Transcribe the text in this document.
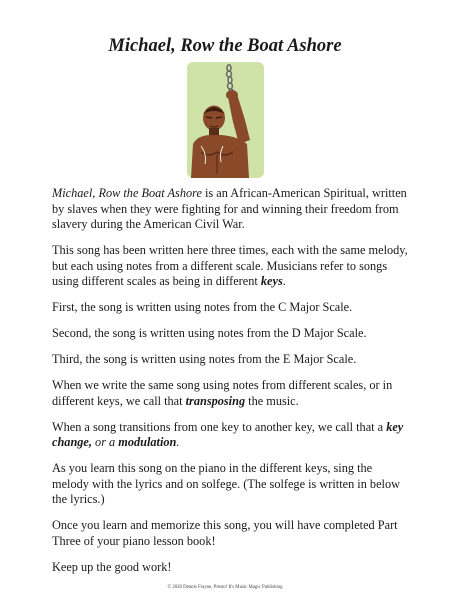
Michael, Row the Boat Ashore

Michael, Row the Boat Ashore is an African-American Spiritual, written by slaves when they were fighting for and winning their freedom from slavery during the American Civil War.

This song has been written here three times, each with the same melody, but each using notes from a different scale. Musicians refer to songs using different scales as being in different keys.

First, the song is written using notes from the C Major Scale.

Second, the song is written using notes from the D Major Scale.

Third, the song is written using notes from the E Major Scale.

When we write the same song using notes from different scales, or in different keys, we call that transposing the music.

When a song transitions from one key to another key, we call that a key change, or a modulation.

As you learn this song on the piano in the different keys, sing the melody with the lyrics and on solfege. (The solfege is written in below the lyrics.)

Once you learn and memorize this song, you will have completed Part Three of your piano lesson book!

Keep up the good work!

© 2020 Dennis Frayne, Presto! It's Music Magic Publishing
